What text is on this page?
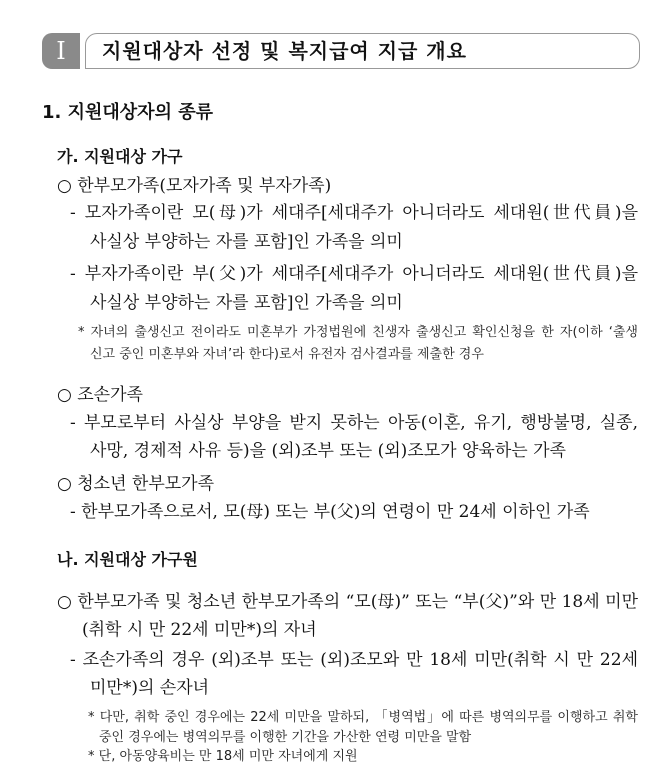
I	지원대상자 선정 및 복지급여 지급 개요
1. 지원대상자의 종류
가. 지원대상 가구
○ 한부모가족(모자가족 및 부자가족)
- 모자가족이란 모(母)가 세대주[세대주가 아니더라도 세대원(世代員)을
사실상 부양하는 자를 포함]인 가족을 의미
- 부자가족이란 부(父)가 세대주[세대주가 아니더라도 세대원(世代員)을
사실상 부양하는 자를 포함]인 가족을 의미
* 자녀의 출생신고 전이라도 미혼부가 가정법원에 친생자 출생신고 확인신청을 한 자(이하 ‘출생
신고 중인 미혼부와 자녀’라 한다)로서 유전자 검사결과를 제출한 경우
○ 조손가족
- 부모로부터 사실상 부양을 받지 못하는 아동(이혼, 유기, 행방불명, 실종,
사망, 경제적 사유 등)을 (외)조부 또는 (외)조모가 양육하는 가족
○ 청소년 한부모가족
- 한부모가족으로서, 모(母) 또는 부(父)의 연령이 만 24세 이하인 가족
나. 지원대상 가구원
○ 한부모가족 및 청소년 한부모가족의 “모(母)” 또는 “부(父)”와 만 18세 미만
(취학 시 만 22세 미만*)의 자녀
- 조손가족의 경우 (외)조부 또는 (외)조모와 만 18세 미만(취학 시 만 22세
미만*)의 손자녀
* 다만, 취학 중인 경우에는 22세 미만을 말하되, 「병역법」에 따른 병역의무를 이행하고 취학
중인 경우에는 병역의무를 이행한 기간을 가산한 연령 미만을 말함
* 단, 아동양육비는 만 18세 미만 자녀에게 지원
